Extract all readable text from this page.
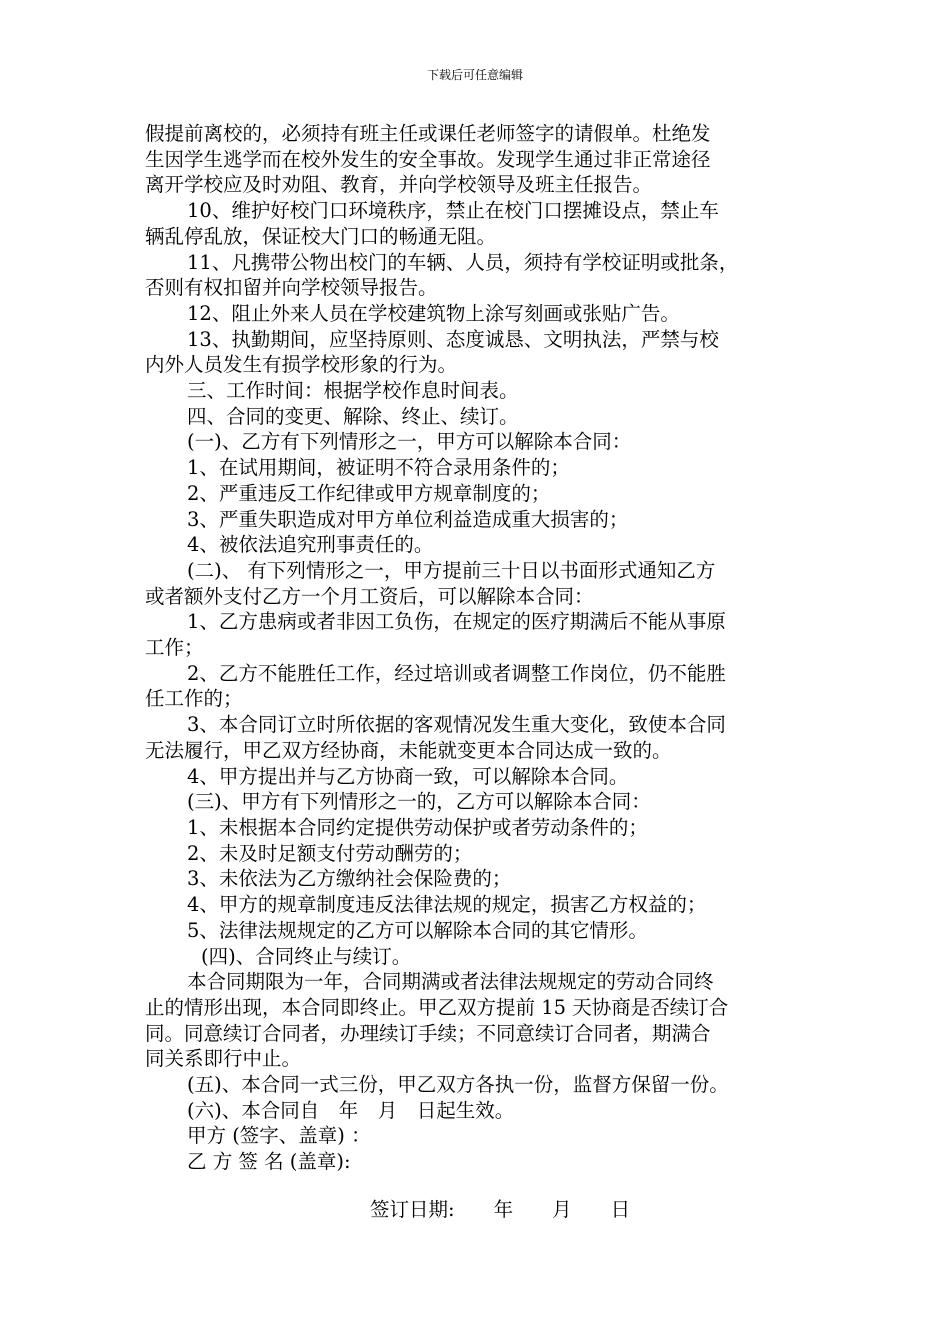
下载后可任意编辑

假提前离校的，必须持有班主任或课任老师签字的请假单。杜绝发

生因学生逃学而在校外发生的安全事故。发现学生通过非正常途径

离开学校应及时劝阻、教育，并向学校领导及班主任报告。

10、维护好校门口环境秩序，禁止在校门口摆摊设点，禁止车

辆乱停乱放，保证校大门口的畅通无阻。

11、凡携带公物出校门的车辆、人员，须持有学校证明或批条，

否则有权扣留并向学校领导报告。

12、阻止外来人员在学校建筑物上涂写刻画或张贴广告。

13、执勤期间，应坚持原则、态度诚恳、文明执法，严禁与校

内外人员发生有损学校形象的行为。

三、工作时间：根据学校作息时间表。

四、合同的变更、解除、终止、续订。

(一)、乙方有下列情形之一，甲方可以解除本合同：

1、在试用期间，被证明不符合录用条件的；

2、严重违反工作纪律或甲方规章制度的；

3、严重失职造成对甲方单位利益造成重大损害的；

4、被依法追究刑事责任的。

(二)、 有下列情形之一，甲方提前三十日以书面形式通知乙方

或者额外支付乙方一个月工资后，可以解除本合同：

1、乙方患病或者非因工负伤，在规定的医疗期满后不能从事原

工作；

2、乙方不能胜任工作，经过培训或者调整工作岗位，仍不能胜

任工作的；

3、本合同订立时所依据的客观情况发生重大变化，致使本合同

无法履行，甲乙双方经协商，未能就变更本合同达成一致的。

4、甲方提出并与乙方协商一致，可以解除本合同。

(三)、甲方有下列情形之一的，乙方可以解除本合同：

1、未根据本合同约定提供劳动保护或者劳动条件的；

2、未及时足额支付劳动酬劳的；

3、未依法为乙方缴纳社会保险费的；

4、甲方的规章制度违反法律法规的规定，损害乙方权益的；

5、法律法规规定的乙方可以解除本合同的其它情形。

(四)、合同终止与续订。

本合同期限为一年，合同期满或者法律法规规定的劳动合同终

止的情形出现，本合同即终止。甲乙双方提前 15 天协商是否续订合

同。同意续订合同者，办理续订手续；不同意续订合同者，期满合

同关系即行中止。

(五)、本合同一式三份，甲乙双方各执一份，监督方保留一份。

(六)、本合同自　年　月　日起生效。

甲方 (签字、盖章) ：

乙 方 签 名 (盖章):

签订日期:　　年　　月　　日
